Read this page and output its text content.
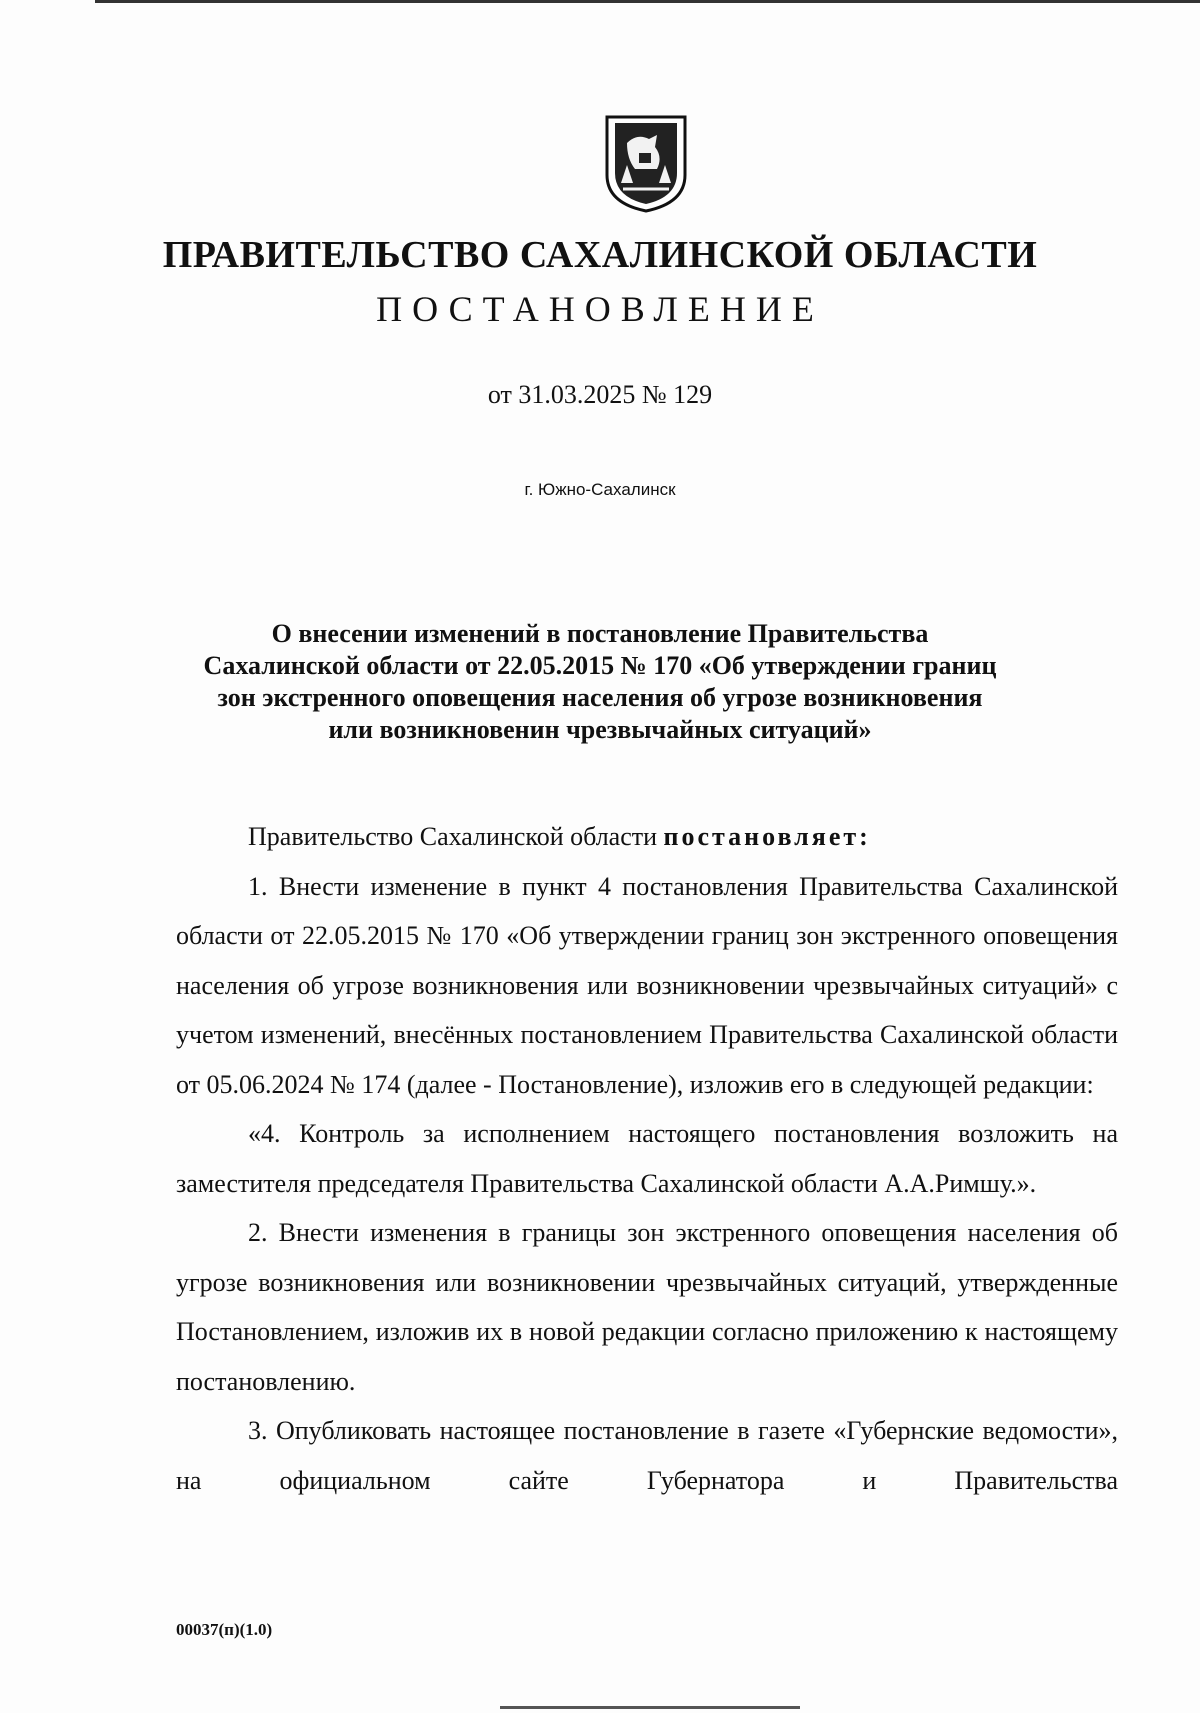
ПРАВИТЕЛЬСТВО САХАЛИНСКОЙ ОБЛАСТИ
ПОСТАНОВЛЕНИЕ
от 31.03.2025 № 129
г. Южно-Сахалинск
О внесении изменений в постановление Правительства Сахалинской области от 22.05.2015 № 170 «Об утверждении границ зон экстренного оповещения населения об угрозе возникновения или возникновенин чрезвычайных ситуаций»

Правительство Сахалинской области постановляет:

1. Внести изменение в пункт 4 постановления Правительства Сахалинской области от 22.05.2015 № 170 «Об утверждении границ зон экстренного оповещения населения об угрозе возникновения или возникновении чрезвычайных ситуаций» с учетом изменений, внесённых постановлением Правительства Сахалинской области от 05.06.2024 № 174 (далее - Постановление), изложив его в следующей редакции:

«4. Контроль за исполнением настоящего постановления возложить на заместителя председателя Правительства Сахалинской области А.А.Римшу.».

2. Внести изменения в границы зон экстренного оповещения населения об угрозе возникновения или возникновении чрезвычайных ситуаций, утвержденные Постановлением, изложив их в новой редакции согласно приложению к настоящему постановлению.

3. Опубликовать настоящее постановление в газете «Губернские ведомости», на официальном сайте Губернатора и Правительства

00037(п)(1.0)
